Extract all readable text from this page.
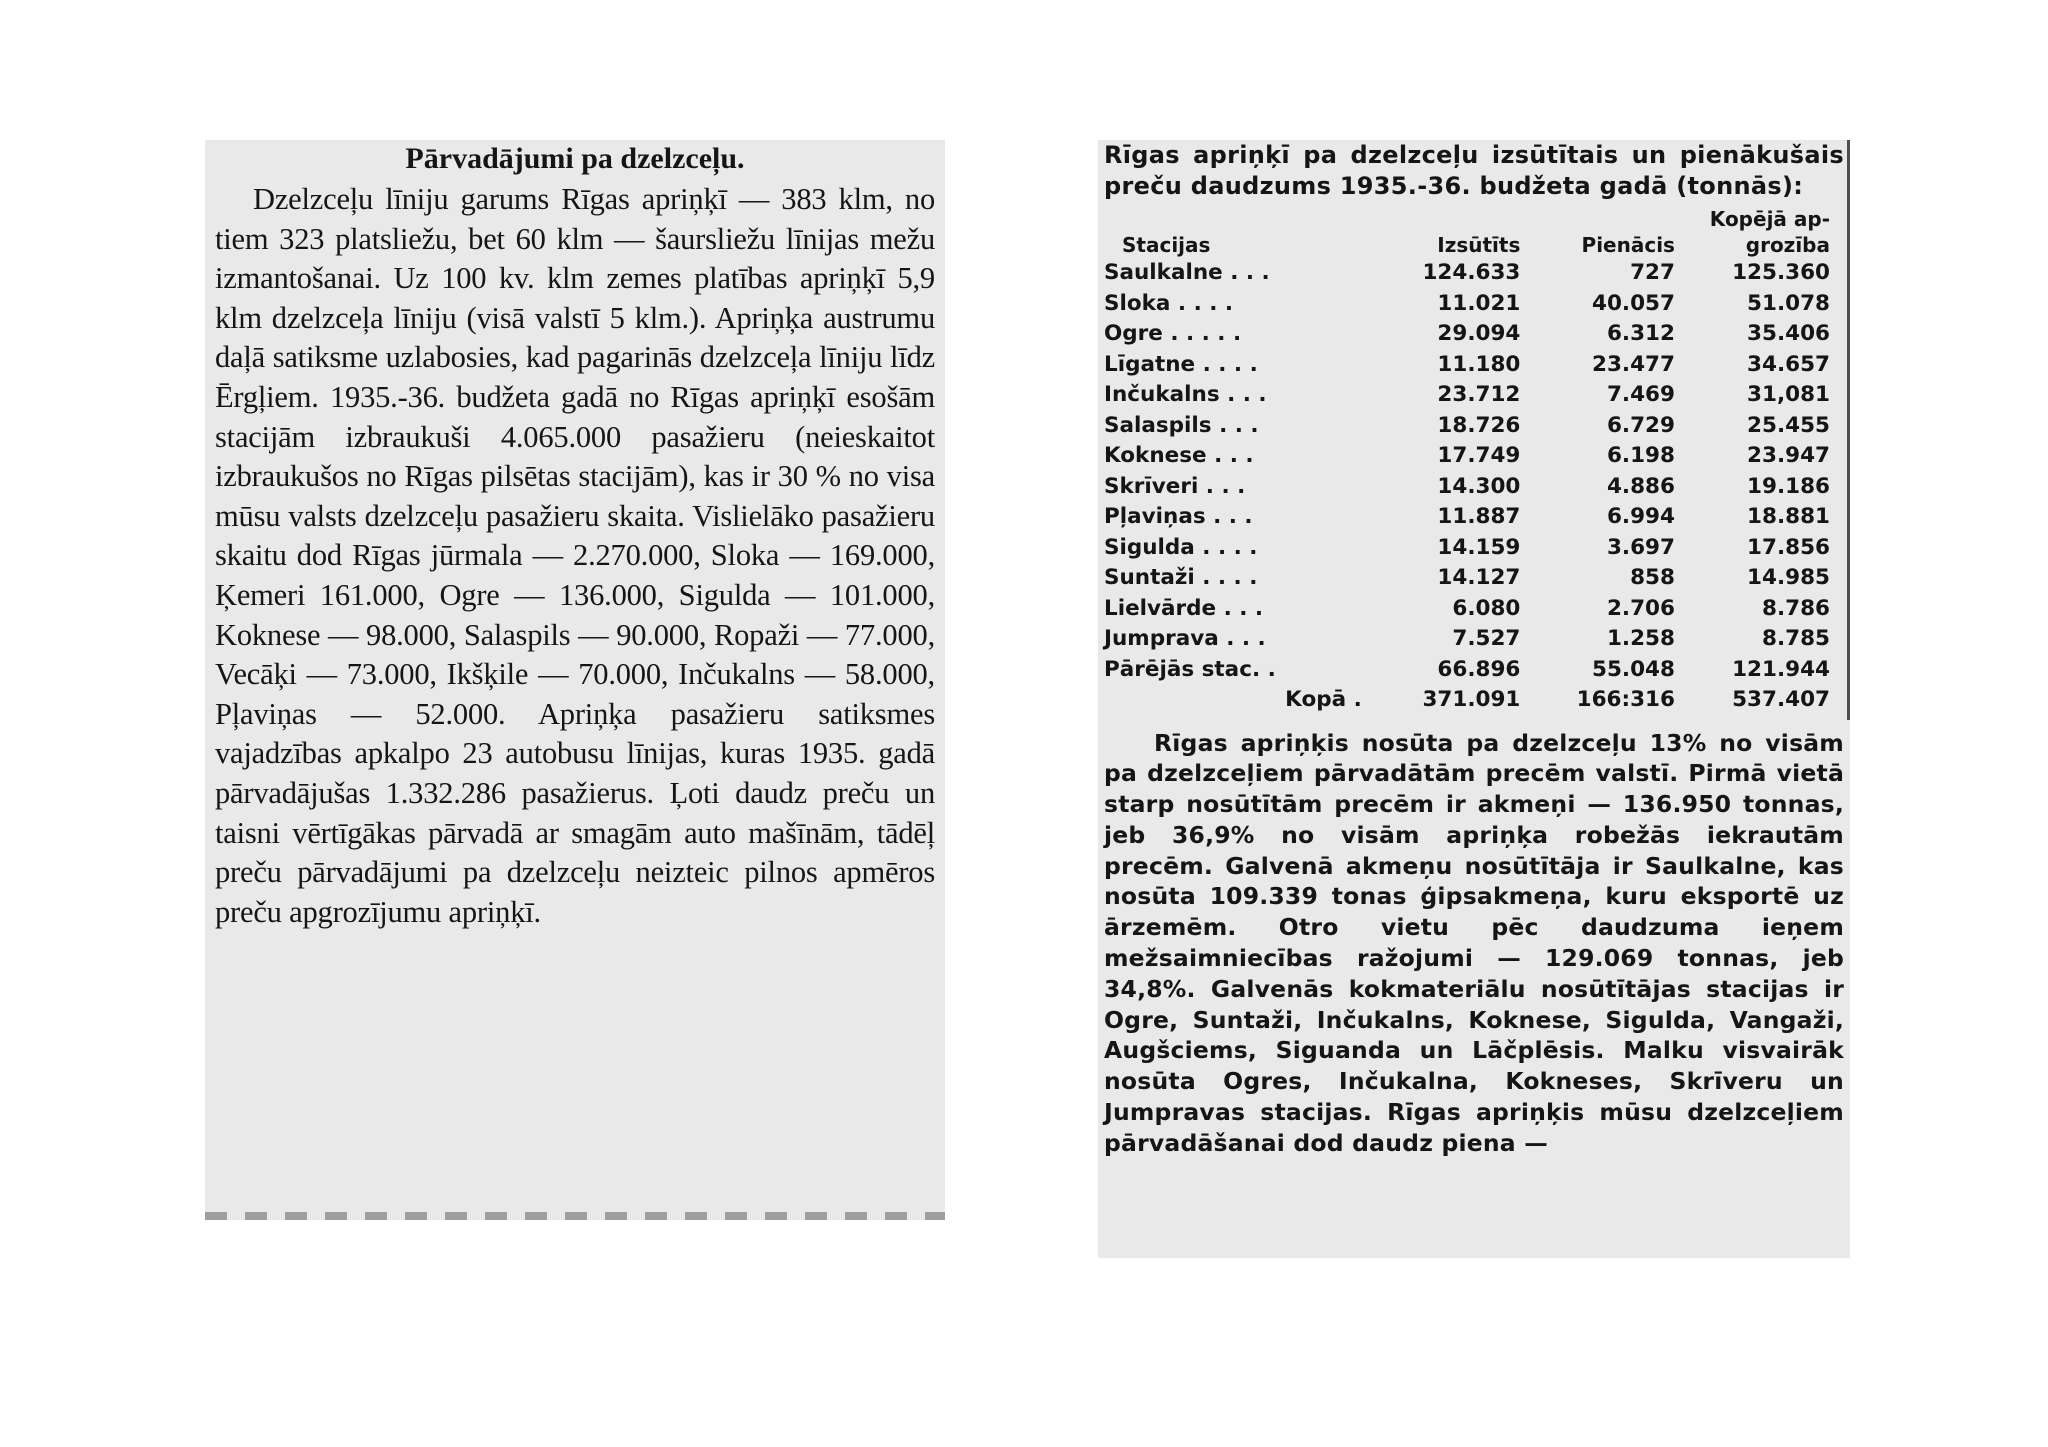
Pārvadājumi pa dzelzceļu.

Dzelzceļu līniju garums Rīgas apriņķī — 383 klm, no tiem 323 platsliežu, bet 60 klm — šaursliežu līnijas mežu izmantošanai. Uz 100 kv. klm zemes platības apriņķī 5,9 klm dzelzceļa līniju (visā valstī 5 klm.). Apriņķa austrumu daļā satiksme uzlabosies, kad pagarinās dzelzceļa līniju līdz Ērgļiem. 1935.-36. budžeta gadā no Rīgas apriņķī esošām stacijām izbraukuši 4.065.000 pasažieru (neieskaitot izbraukušos no Rīgas pilsētas stacijām), kas ir 30 % no visa mūsu valsts dzelzceļu pasažieru skaita. Vislielāko pasažieru skaitu dod Rīgas jūrmala — 2.270.000, Sloka — 169.000, Ķemeri 161.000, Ogre — 136.000, Sigulda — 101.000, Koknese — 98.000, Salaspils — 90.000, Ropaži — 77.000, Vecāķi — 73.000, Ikšķile — 70.000, Inčukalns — 58.000, Pļaviņas — 52.000. Apriņķa pasažieru satiksmes vajadzības apkalpo 23 autobusu līnijas, kuras 1935. gadā pārvadājušas 1.332.286 pasažierus. Ļoti daudz preču un taisni vērtīgākas pārvadā ar smagām auto mašīnām, tādēļ preču pārvadājumi pa dzelzceļu neizteic pilnos apmēros preču apgrozījumu apriņķī.

Rīgas apriņķī pa dzelzceļu izsūtītais un pienākušais preču daudzums 1935.-36. budžeta gadā (tonnās):

Stacijas	Izsūtīts	Pienācis	Kopējā ap-
grozība
Saulkalne . . .	124.633	727	125.360
Sloka . . . .	11.021	40.057	51.078
Ogre . . . . .	29.094	6.312	35.406
Līgatne . . . .	11.180	23.477	34.657
Inčukalns . . .	23.712	7.469	31,081
Salaspils . . .	18.726	6.729	25.455
Koknese . . .	17.749	6.198	23.947
Skrīveri . . .	14.300	4.886	19.186
Pļaviņas . . .	11.887	6.994	18.881
Sigulda . . . .	14.159	3.697	17.856
Suntaži . . . .	14.127	858	14.985
Lielvārde . . .	6.080	2.706	8.786
Jumprava . . .	7.527	1.258	8.785
Pārējās stac. .	66.896	55.048	121.944
Kopā .	371.091	166:316	537.407

Rīgas apriņķis nosūta pa dzelzceļu 13% no visām pa dzelzceļiem pārvadātām precēm valstī. Pirmā vietā starp nosūtītām precēm ir akmeņi — 136.950 tonnas, jeb 36,9% no visām apriņķa robežās iekrautām precēm. Galvenā akmeņu nosūtītāja ir Saulkalne, kas nosūta 109.339 tonas ģipsakmeņa, kuru eksportē uz ārzemēm. Otro vietu pēc daudzuma ieņem mežsaimniecības ražojumi — 129.069 tonnas, jeb 34,8%. Galvenās kokmateriālu nosūtītājas stacijas ir Ogre, Suntaži, Inčukalns, Koknese, Sigulda, Vangaži, Augšciems, Siguanda un Lāčplēsis. Malku visvairāk nosūta Ogres, Inčukalna, Kokneses, Skrīveru un Jumpravas stacijas. Rīgas apriņķis mūsu dzelzceļiem pārvadāšanai dod daudz piena —
